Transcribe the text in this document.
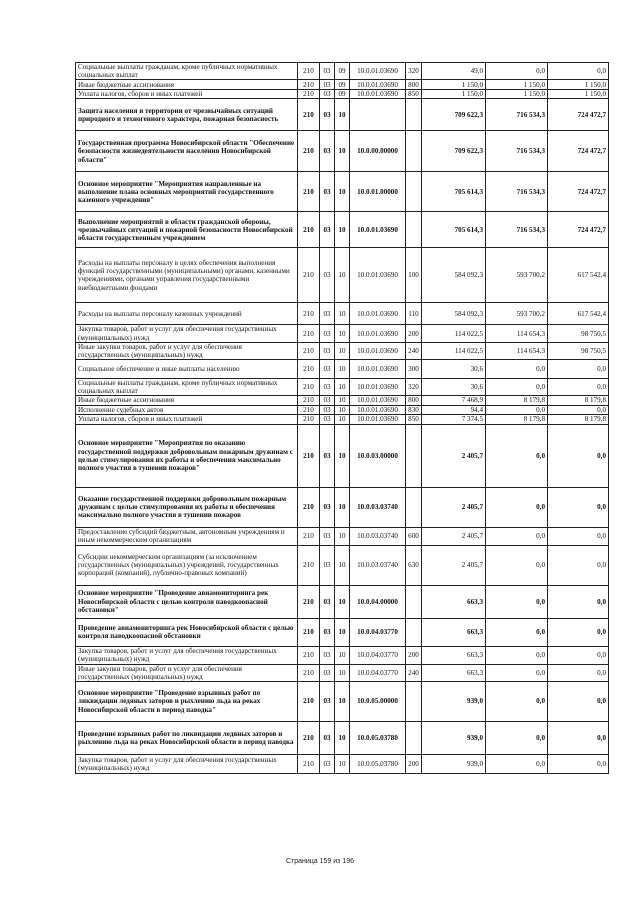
Социальные выплаты гражданам, кроме публичных нормативных социальных выплат	210	03	09	10.0.01.03690	320	49,0	0,0	0,0
Иные бюджетные ассигнования	210	03	09	10.0.01.03690	800	1 150,0	1 150,0	1 150,0
Уплата налогов, сборов и иных платежей	210	03	09	10.0.01.03690	850	1 150,0	1 150,0	1 150,0
Защита населения и территории от чрезвычайных ситуаций природного и техногенного характера, пожарная безопасность	210	03	10			709 622,3	716 534,3	724 472,7
Государственная программа Новосибирской области "Обеспечение безопасности жизнедеятельности населения Новосибирской области"	210	03	10	10.0.00.00000		709 622,3	716 534,3	724 472,7
Основное мероприятие "Мероприятия направленные на выполнение плана основных мероприятий государственного казенного учреждения"	210	03	10	10.0.01.00000		705 614,3	716 534,3	724 472,7
Выполнение мероприятий в области гражданской обороны, чрезвычайных ситуаций и пожарной безопасности Новосибирской области государственным учреждением	210	03	10	10.0.01.03690		705 614,3	716 534,3	724 472,7
Расходы на выплаты персоналу в целях обеспечения выполнения функций государственными (муниципальными) органами, казенными учреждениями, органами управления государственными внебюджетными фондами	210	03	10	10.0.01.03690	100	584 092,3	593 700,2	617 542,4
Расходы на выплаты персоналу казенных учреждений	210	03	10	10.0.01.03690	110	584 092,3	593 700,2	617 542,4
Закупка товаров, работ и услуг для обеспечения государственных (муниципальных) нужд	210	03	10	10.0.01.03690	200	114 022,5	114 654,3	98 750,5
Иные закупки товаров, работ и услуг для обеспечения государственных (муниципальных) нужд	210	03	10	10.0.01.03690	240	114 022,5	114 654,3	98 750,5
Социальное обеспечение и иные выплаты населению	210	03	10	10.0.01.03690	300	30,6	0,0	0,0
Социальные выплаты гражданам, кроме публичных нормативных социальных выплат	210	03	10	10.0.01.03690	320	30,6	0,0	0,0
Иные бюджетные ассигнования	210	03	10	10.0.01.03690	800	7 468,9	8 179,8	8 179,8
Исполнение судебных актов	210	03	10	10.0.01.03690	830	94,4	0,0	0,0
Уплата налогов, сборов и иных платежей	210	03	10	10.0.01.03690	850	7 374,5	8 179,8	8 179,8
Основное мероприятие "Мероприятия по оказанию государственной поддержки добровольным пожарным дружинам с целью стимулирования их работы и обеспечения максимально полного участия в тушении пожаров"	210	03	10	10.0.03.00000		2 405,7	0,0	0,0
Оказание государственной поддержки добровольным пожарным дружинам с целью стимулирования их работы и обеспечения максимально полного участия в тушении пожаров	210	03	10	10.0.03.03740		2 405,7	0,0	0,0
Предоставление субсидий бюджетным, автономным учреждениям и иным некоммерческим организациям	210	03	10	10.0.03.03740	600	2 405,7	0,0	0,0
Субсидии некоммерческим организациям (за исключением государственных (муниципальных) учреждений, государственных корпораций (компаний), публично-правовых компаний)	210	03	10	10.0.03.03740	630	2 405,7	0,0	0,0
Основное мероприятие "Проведение авиамониторинга рек Новосибирской области с целью контроля паводкоопасной обстановки"	210	03	10	10.0.04.00000		663,3	0,0	0,0
Проведение авиамониторинга рек Новосибирской области с целью контроля паводкоопасной обстановки	210	03	10	10.0.04.03770		663,3	0,0	0,0
Закупка товаров, работ и услуг для обеспечения государственных (муниципальных) нужд	210	03	10	10.0.04.03770	200	663,3	0,0	0,0
Иные закупки товаров, работ и услуг для обеспечения государственных (муниципальных) нужд	210	03	10	10.0.04.03770	240	663,3	0,0	0,0
Основное мероприятие "Проведение взрывных работ по ликвидации ледяных заторов и рыхлению льда на реках Новосибирской области в период паводка"	210	03	10	10.0.05.00000		939,0	0,0	0,0
Проведение взрывных работ по ликвидации ледяных заторов и рыхлению льда на реках Новосибирской области в период паводка	210	03	10	10.0.05.03780		939,0	0,0	0,0
Закупка товаров, работ и услуг для обеспечения государственных (муниципальных) нужд	210	03	10	10.0.05.03780	200	939,0	0,0	0,0
Страница 159 из 196
